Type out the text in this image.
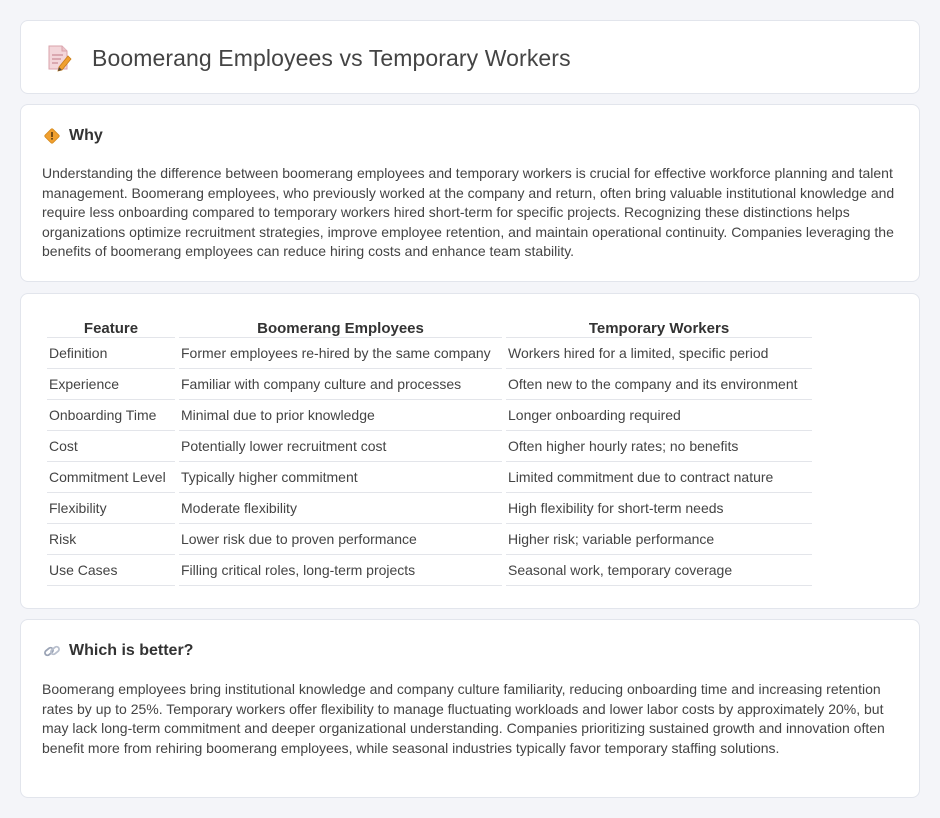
Boomerang Employees vs Temporary Workers
Why

Understanding the difference between boomerang employees and temporary workers is crucial for effective workforce planning and talent management. Boomerang employees, who previously worked at the company and return, often bring valuable institutional knowledge and require less onboarding compared to temporary workers hired short-term for specific projects. Recognizing these distinctions helps organizations optimize recruitment strategies, improve employee retention, and maintain operational continuity. Companies leveraging the benefits of boomerang employees can reduce hiring costs and enhance team stability.

Feature	Boomerang Employees	Temporary Workers
Definition	Former employees re-hired by the same company	Workers hired for a limited, specific period
Experience	Familiar with company culture and processes	Often new to the company and its environment
Onboarding Time	Minimal due to prior knowledge	Longer onboarding required
Cost	Potentially lower recruitment cost	Often higher hourly rates; no benefits
Commitment Level	Typically higher commitment	Limited commitment due to contract nature
Flexibility	Moderate flexibility	High flexibility for short-term needs
Risk	Lower risk due to proven performance	Higher risk; variable performance
Use Cases	Filling critical roles, long-term projects	Seasonal work, temporary coverage
Which is better?

Boomerang employees bring institutional knowledge and company culture familiarity, reducing onboarding time and increasing retention rates by up to 25%. Temporary workers offer flexibility to manage fluctuating workloads and lower labor costs by approximately 20%, but may lack long-term commitment and deeper organizational understanding. Companies prioritizing sustained growth and innovation often benefit more from rehiring boomerang employees, while seasonal industries typically favor temporary staffing solutions.
